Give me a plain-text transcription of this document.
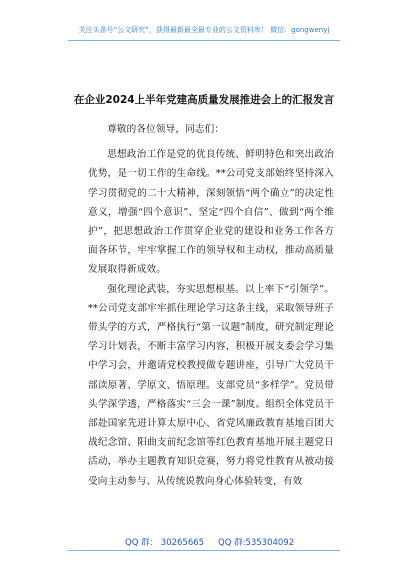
关注头条号“公文研究”，获得最新最全最专业的公文资料库！ 微信：gongwenyj
在企业2024上半年党建高质量发展推进会上的汇报发言

尊敬的各位领导，同志们：

思想政治工作是党的优良传统、鲜明特色和突出政治优势，是一切工作的生命线。**公司党支部始终坚持深入学习贯彻党的二十大精神，深刻领悟“两个确立”的决定性意义，增强“四个意识”、坚定“四个自信”、做到“两个维护”，把思想政治工作贯穿企业党的建设和业务工作各方面各环节，牢牢掌握工作的领导权和主动权，推动高质量发展取得新成效。

强化理论武装，夯实思想根基。以上率下“引领学”。**公司党支部牢牢抓住理论学习这条主线，采取领导班子带头学的方式，严格执行“第一议题”制度，研究制定理论学习计划表，不断丰富学习内容，积极开展支委会学习集中学习会，并邀请党校教授做专题讲座，引导广大党员干部读原著、学原文、悟原理。支部党员“多样学”。党员带头学深学透，严格落实“三会一课”制度。组织全体党员干部赴国家先进计算太原中心、省党风廉政教育基地百团大战纪念馆、阳曲支前纪念馆等红色教育基地开展主题党日活动，举办主题教育知识竞赛，努力将党性教育从被动接受向主动参与、从传统说教向身心体验转变，有效

QQ 群： 30265665 QQ 群:535304092
